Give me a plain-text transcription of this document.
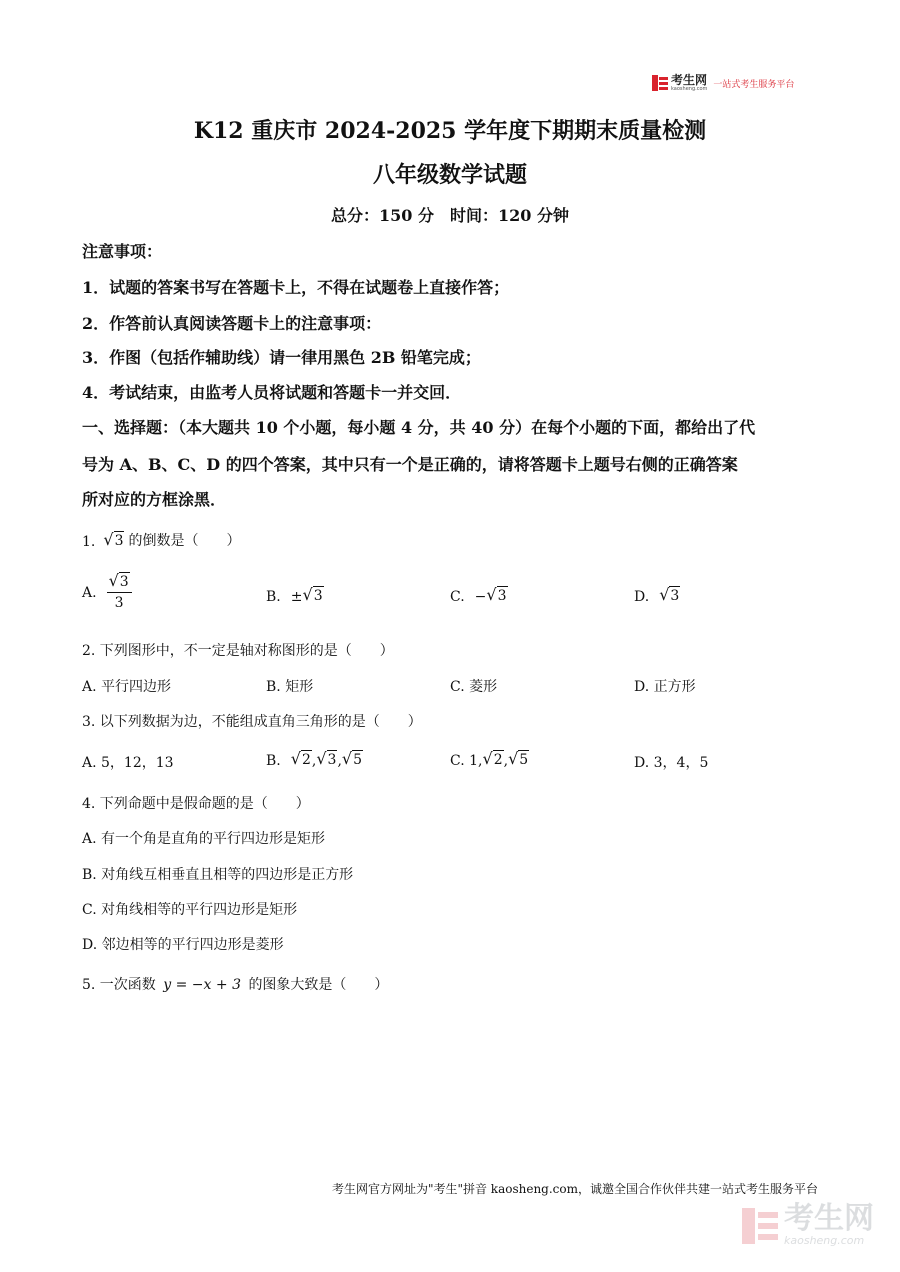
考生网
kaosheng.com 一站式考生服务平台
K12 重庆市 2024-2025 学年度下期期末质量检测
八年级数学试题
总分：150 分　时间：120 分钟
注意事项：
1．试题的答案书写在答题卡上，不得在试题卷上直接作答；
2．作答前认真阅读答题卡上的注意事项：
3．作图（包括作辅助线）请一律用黑色 2B 铅笔完成；
4．考试结束，由监考人员将试题和答题卡一并交回．
一、选择题：（本大题共 10 个小题，每小题 4 分，共 40 分）在每个小题的下面，都给出了代
号为 A、B、C、D 的四个答案，其中只有一个是正确的，请将答题卡上题号右侧的正确答案
所对应的方框涂黑．
1. √ 3 的倒数是（　　）
A. $\frac{√ 3}{3}$	B. ± √ 3	C. − √ 3	D. √ 3
2. 下列图形中，不一定是轴对称图形的是（　　）
A. 平行四边形	B. 矩形	C. 菱形	D. 正方形
3. 以下列数据为边，不能组成直角三角形的是（　　）
A. 5，12，13	B. √ 2 , √ 3 , √ 5	C. 1 , √ 2 , √ 5	D. 3，4，5
4. 下列命题中是假命题的是（　　）
A. 有一个角是直角的平行四边形是矩形
B. 对角线互相垂直且相等的四边形是正方形
C. 对角线相等的平行四边形是矩形
D. 邻边相等的平行四边形是菱形
5. 一次函数 y = −x + 3 的图象大致是（　　）
考生网官方网址为"考生"拼音 kaosheng.com，诚邀全国合作伙伴共建一站式考生服务平台
考生网
kaosheng.com
